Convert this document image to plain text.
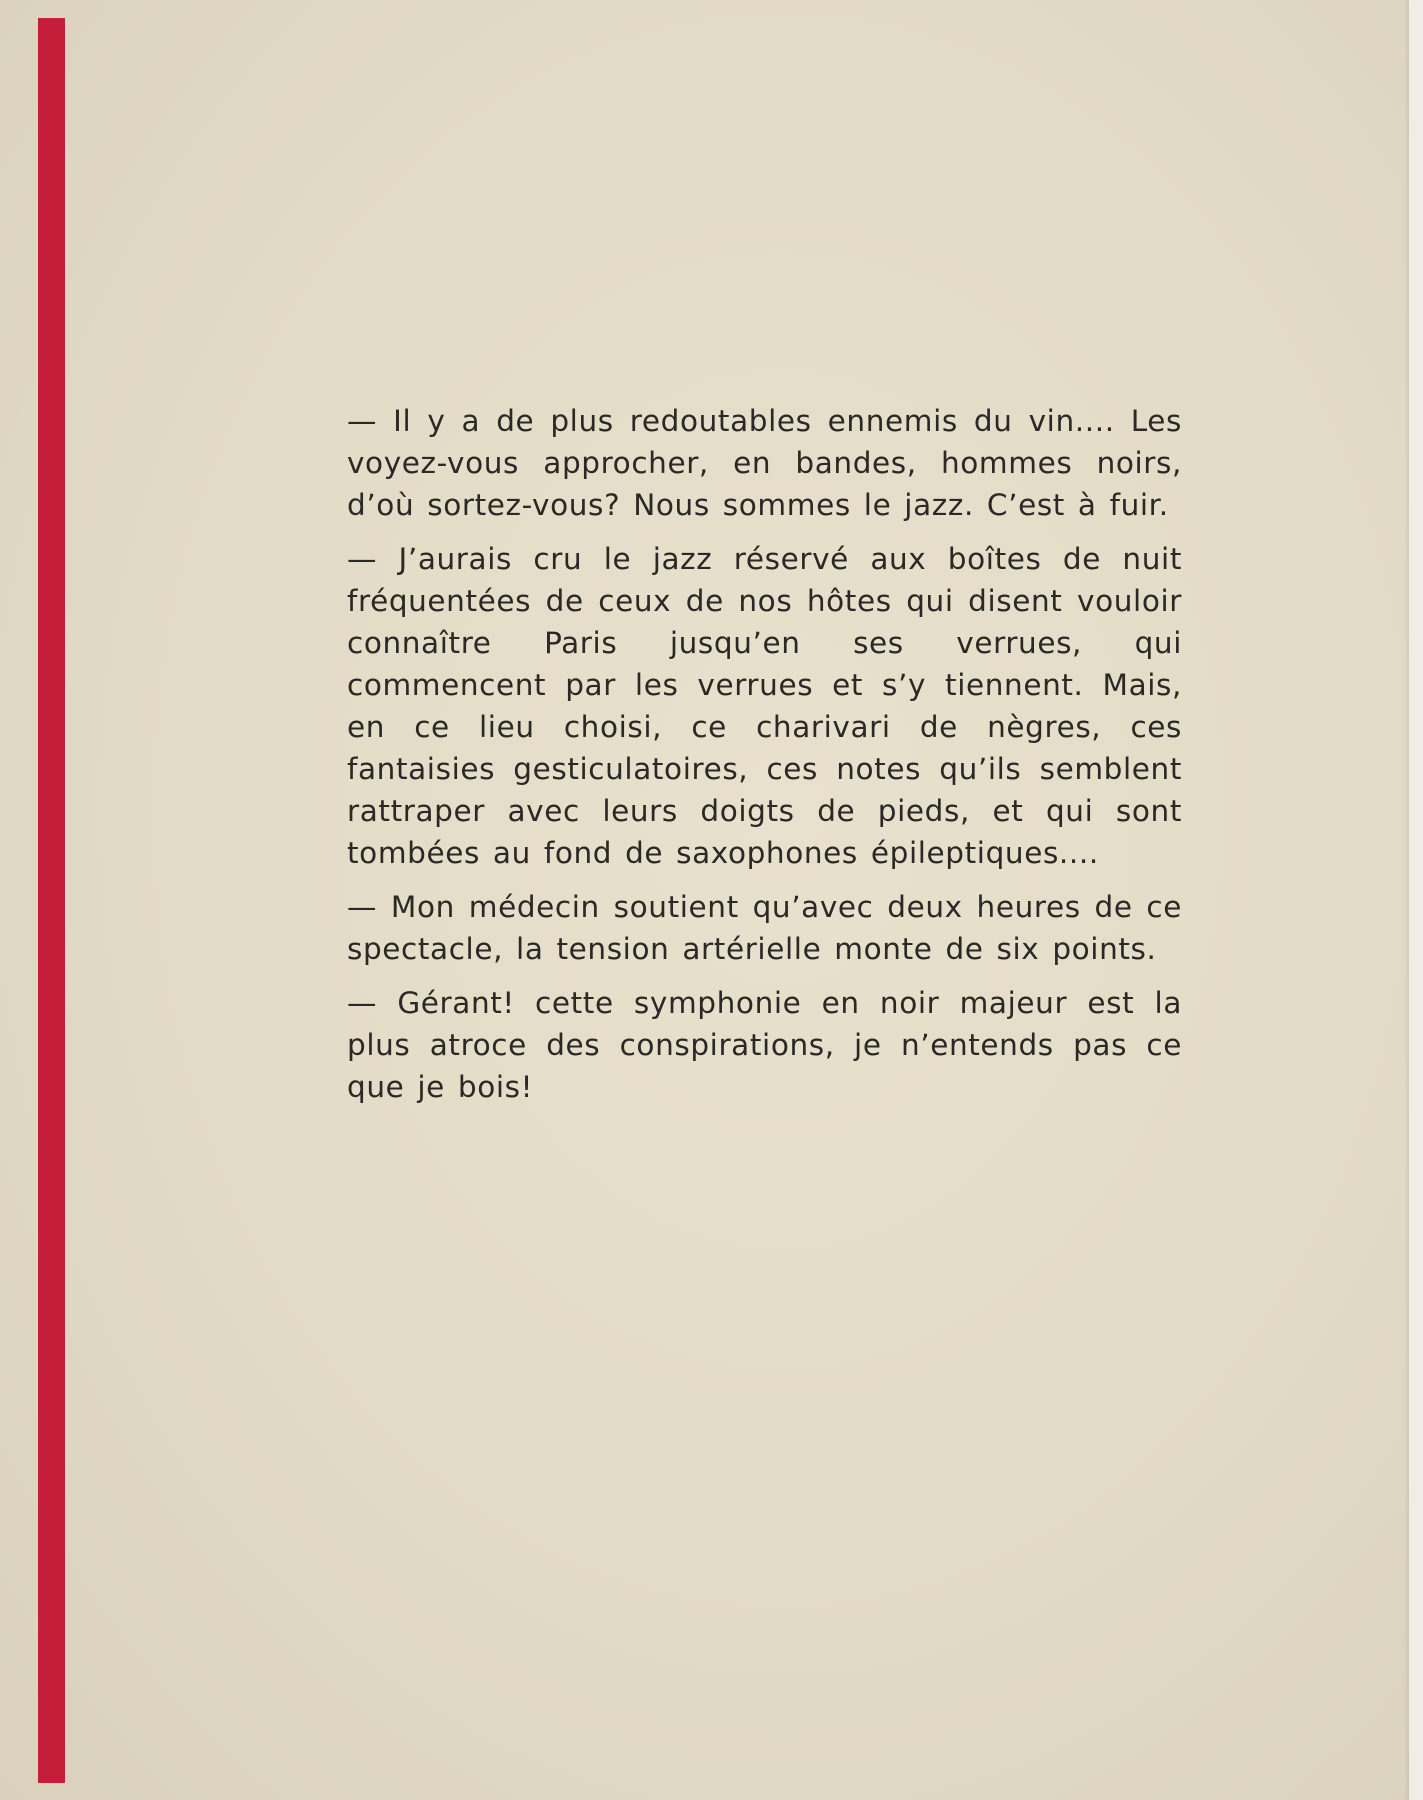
— Il y a de plus redoutables ennemis du vin.... Les voyez-vous approcher, en bandes, hommes noirs, d’où sortez-vous? Nous sommes le jazz. C’est à fuir.

— J’aurais cru le jazz réservé aux boîtes de nuit fréquentées de ceux de nos hôtes qui disent vouloir connaître Paris jusqu’en ses verrues, qui commencent par les verrues et s’y tiennent. Mais, en ce lieu choisi, ce charivari de nègres, ces fantaisies gesticulatoires, ces notes qu’ils semblent rattraper avec leurs doigts de pieds, et qui sont tombées au fond de saxophones épileptiques....

— Mon médecin soutient qu’avec deux heures de ce spectacle, la tension artérielle monte de six points.

— Gérant! cette symphonie en noir majeur est la plus atroce des conspirations, je n’entends pas ce que je bois!
